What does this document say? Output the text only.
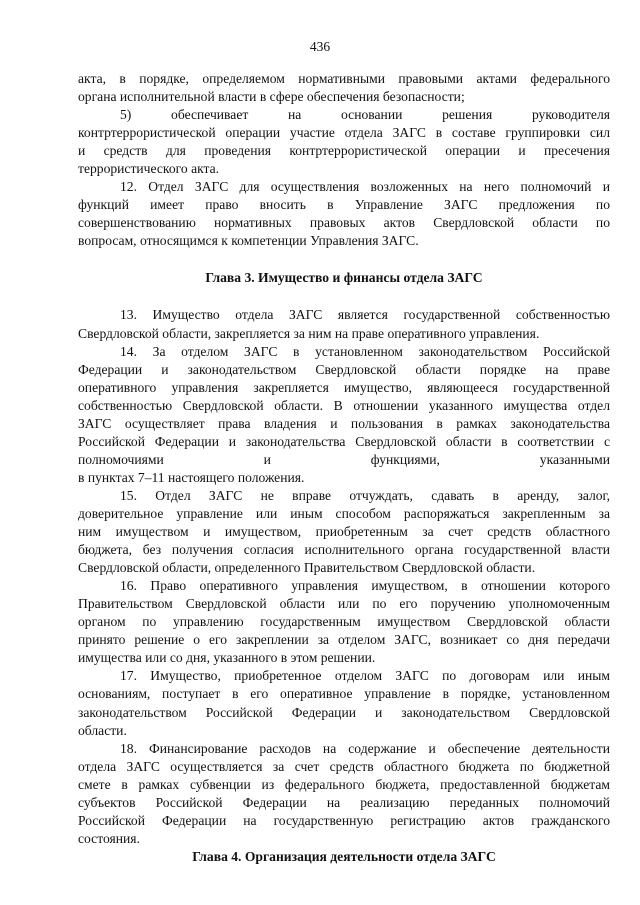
436
акта, в порядке, определяемом нормативными правовыми актами федерального
органа исполнительной власти в сфере обеспечения безопасности;
5) обеспечивает на основании решения руководителя
контртеррористической операции участие отдела ЗАГС в составе группировки сил
и средств для проведения контртеррористической операции и пресечения
террористического акта.
12. Отдел ЗАГС для осуществления возложенных на него полномочий и
функций имеет право вносить в Управление ЗАГС предложения по
совершенствованию нормативных правовых актов Свердловской области по
вопросам, относящимся к компетенции Управления ЗАГС.
Глава 3. Имущество и финансы отдела ЗАГС
13. Имущество отдела ЗАГС является государственной собственностью
Свердловской области, закрепляется за ним на праве оперативного управления.
14. За отделом ЗАГС в установленном законодательством Российской
Федерации и законодательством Свердловской области порядке на праве
оперативного управления закрепляется имущество, являющееся государственной
собственностью Свердловской области. В отношении указанного имущества отдел
ЗАГС осуществляет права владения и пользования в рамках законодательства
Российской Федерации и законодательства Свердловской области в соответствии с
полномочиями и функциями, указанными
в пунктах 7–11 настоящего положения.
15. Отдел ЗАГС не вправе отчуждать, сдавать в аренду, залог,
доверительное управление или иным способом распоряжаться закрепленным за
ним имуществом и имуществом, приобретенным за счет средств областного
бюджета, без получения согласия исполнительного органа государственной власти
Свердловской области, определенного Правительством Свердловской области.
16. Право оперативного управления имуществом, в отношении которого
Правительством Свердловской области или по его поручению уполномоченным
органом по управлению государственным имуществом Свердловской области
принято решение о его закреплении за отделом ЗАГС, возникает со дня передачи
имущества или со дня, указанного в этом решении.
17. Имущество, приобретенное отделом ЗАГС по договорам или иным
основаниям, поступает в его оперативное управление в порядке, установленном
законодательством Российской Федерации и законодательством Свердловской
области.
18. Финансирование расходов на содержание и обеспечение деятельности
отдела ЗАГС осуществляется за счет средств областного бюджета по бюджетной
смете в рамках субвенции из федерального бюджета, предоставленной бюджетам
субъектов Российской Федерации на реализацию переданных полномочий
Российской Федерации на государственную регистрацию актов гражданского
состояния.
Глава 4. Организация деятельности отдела ЗАГС
